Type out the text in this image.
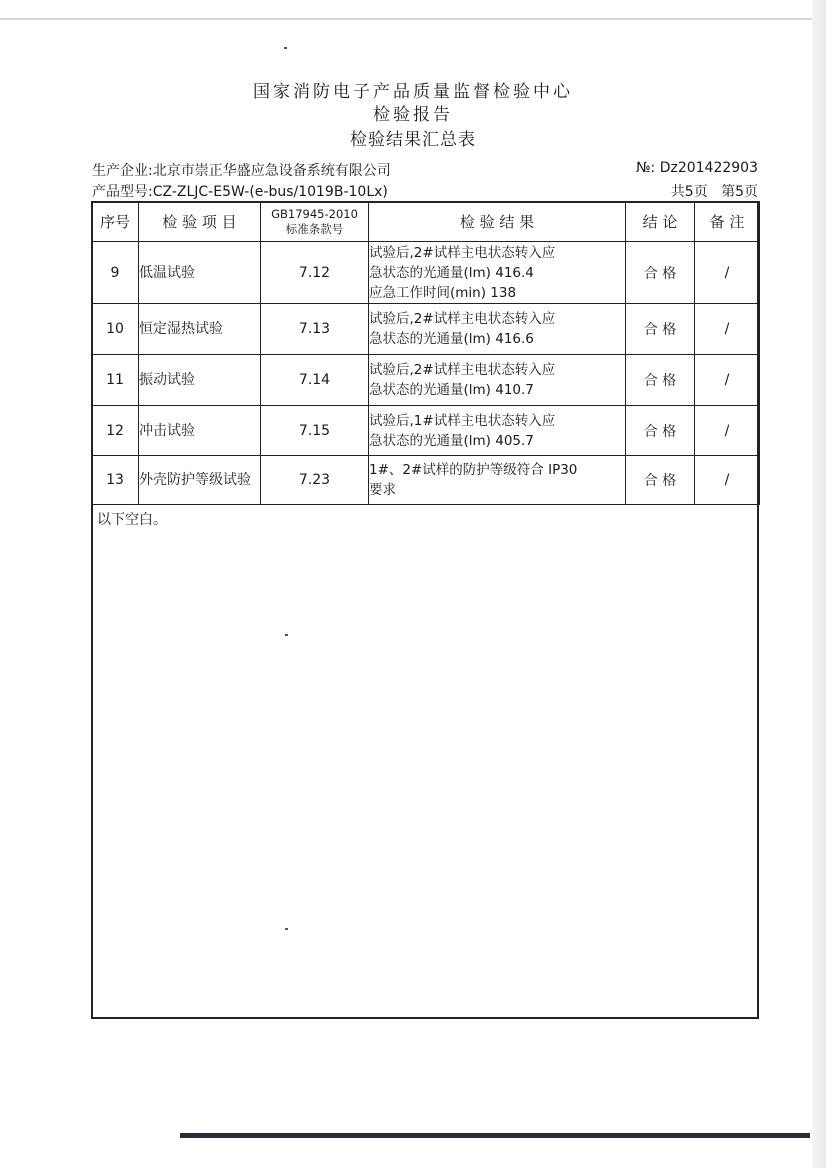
国家消防电子产品质量监督检验中心
检验报告
检验结果汇总表
生产企业:北京市崇正华盛应急设备系统有限公司
产品型号:CZ-ZLJC-E5W-(e-bus/1019B-10Lx)
№: Dz201422903
共5页 第5页
序号	检 验 项 目	GB17945-2010
标准条款号	检 验 结 果	结 论	备 注
9	低温试验	7.12	试验后,2#试样主电状态转入应
急状态的光通量(lm) 416.4
应急工作时间(min) 138	合 格	/
10	恒定湿热试验	7.13	试验后,2#试样主电状态转入应
急状态的光通量(lm) 416.6	合 格	/
11	振动试验	7.14	试验后,2#试样主电状态转入应
急状态的光通量(lm) 410.7	合 格	/
12	冲击试验	7.15	试验后,1#试样主电状态转入应
急状态的光通量(lm) 405.7	合 格	/
13	外壳防护等级试验	7.23	1#、2#试样的防护等级符合 IP30
要求	合 格	/
以下空白。
